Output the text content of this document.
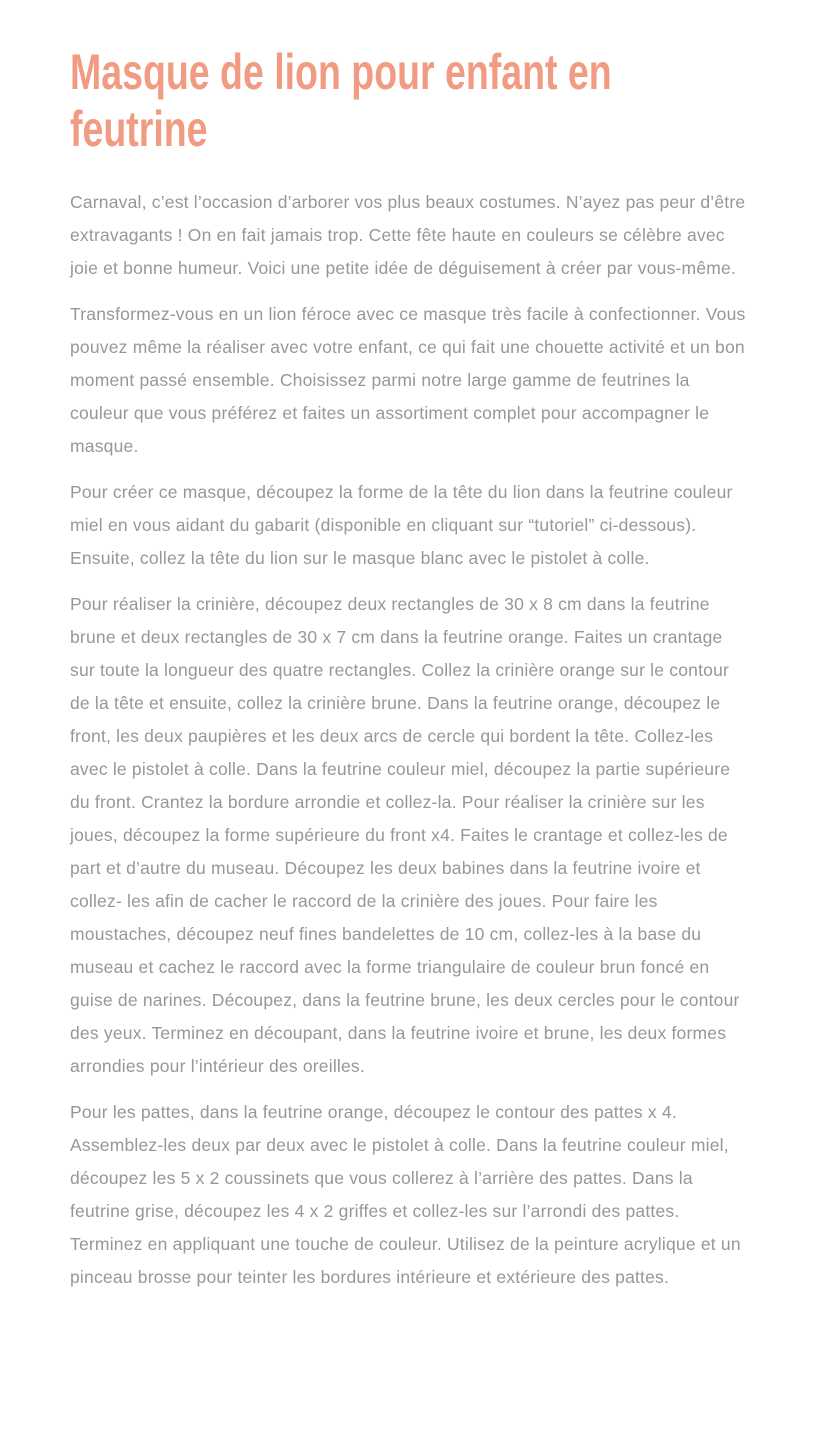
Masque de lion pour enfant en feutrine

Carnaval, c’est l’occasion d’arborer vos plus beaux costumes. N’ayez pas peur d’être extravagants ! On en fait jamais trop. Cette fête haute en couleurs se célèbre avec joie et bonne humeur. Voici une petite idée de déguisement à créer par vous-même.

Transformez-vous en un lion féroce avec ce masque très facile à confectionner. Vous pouvez même la réaliser avec votre enfant, ce qui fait une chouette activité et un bon moment passé ensemble. Choisissez parmi notre large gamme de feutrines la couleur que vous préférez et faites un assortiment complet pour accompagner le masque.

Pour créer ce masque, découpez la forme de la tête du lion dans la feutrine couleur miel en vous aidant du gabarit (disponible en cliquant sur “tutoriel” ci-dessous). Ensuite, collez la tête du lion sur le masque blanc avec le pistolet à colle.

Pour réaliser la crinière, découpez deux rectangles de 30 x 8 cm dans la feutrine brune et deux rectangles de 30 x 7 cm dans la feutrine orange. Faites un crantage sur toute la longueur des quatre rectangles. Collez la crinière orange sur le contour de la tête et ensuite, collez la crinière brune. Dans la feutrine orange, découpez le front, les deux paupières et les deux arcs de cercle qui bordent la tête. Collez-les avec le pistolet à colle. Dans la feutrine couleur miel, découpez la partie supérieure du front. Crantez la bordure arrondie et collez-la. Pour réaliser la crinière sur les joues, découpez la forme supérieure du front x4. Faites le crantage et collez-les de part et d’autre du museau. Découpez les deux babines dans la feutrine ivoire et collez- les afin de cacher le raccord de la crinière des joues. Pour faire les moustaches, découpez neuf fines bandelettes de 10 cm, collez-les à la base du museau et cachez le raccord avec la forme triangulaire de couleur brun foncé en guise de narines. Découpez, dans la feutrine brune, les deux cercles pour le contour des yeux. Terminez en découpant, dans la feutrine ivoire et brune, les deux formes arrondies pour l’intérieur des oreilles.

Pour les pattes, dans la feutrine orange, découpez le contour des pattes x 4. Assemblez-les deux par deux avec le pistolet à colle. Dans la feutrine couleur miel, découpez les 5 x 2 coussinets que vous collerez à l’arrière des pattes. Dans la feutrine grise, découpez les 4 x 2 griffes et collez-les sur l’arrondi des pattes. Terminez en appliquant une touche de couleur. Utilisez de la peinture acrylique et un pinceau brosse pour teinter les bordures intérieure et extérieure des pattes.
